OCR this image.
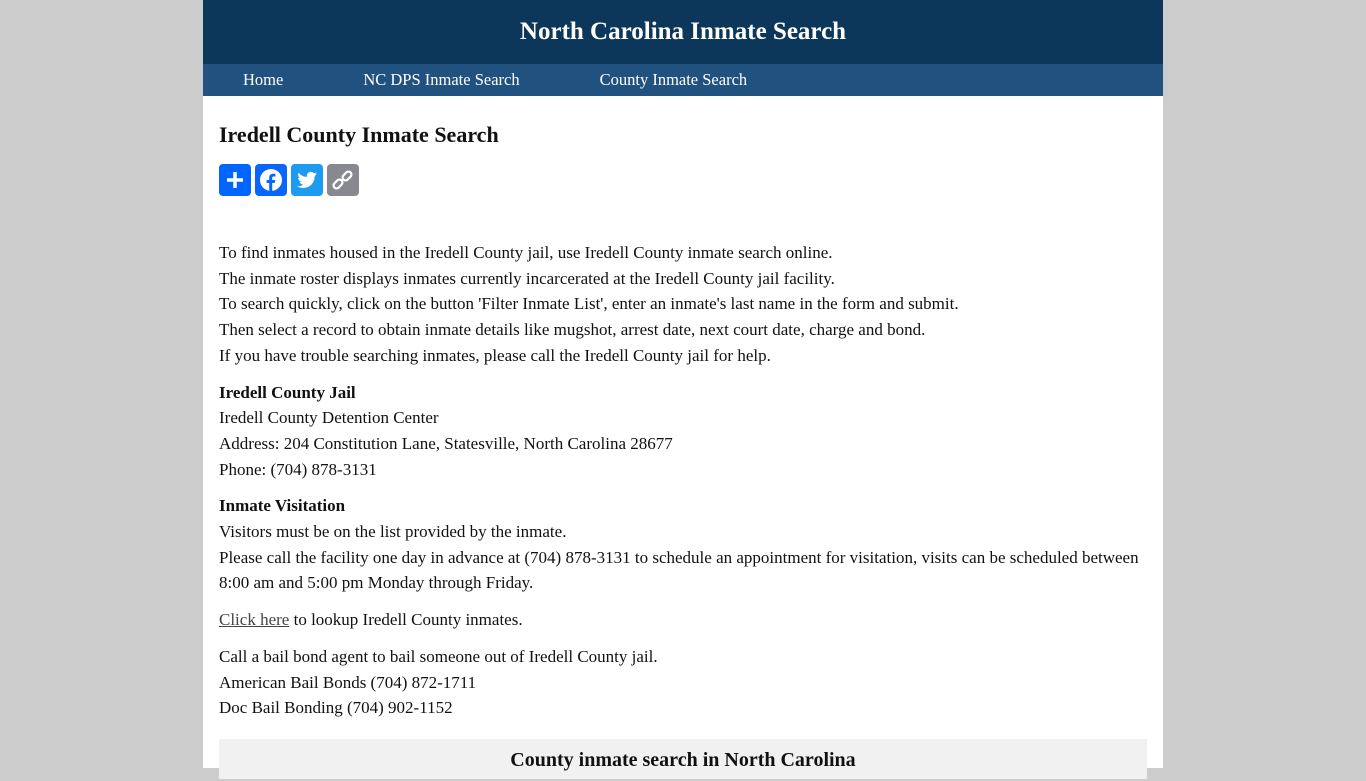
North Carolina Inmate Search
Home	NC DPS Inmate Search	County Inmate Search
Iredell County Inmate Search

To find inmates housed in the Iredell County jail, use Iredell County inmate search online.
The inmate roster displays inmates currently incarcerated at the Iredell County jail facility.
To search quickly, click on the button 'Filter Inmate List', enter an inmate's last name in the form and submit.
Then select a record to obtain inmate details like mugshot, arrest date, next court date, charge and bond.
If you have trouble searching inmates, please call the Iredell County jail for help.

Iredell County Jail
Iredell County Detention Center
Address: 204 Constitution Lane, Statesville, North Carolina 28677
Phone: (704) 878-3131

Inmate Visitation
Visitors must be on the list provided by the inmate.
Please call the facility one day in advance at (704) 878-3131 to schedule an appointment for visitation, visits can be scheduled between 8:00 am and 5:00 pm Monday through Friday.

Click here to lookup Iredell County inmates.

Call a bail bond agent to bail someone out of Iredell County jail.
American Bail Bonds (704) 872-1711
Doc Bail Bonding (704) 902-1152

County inmate search in North Carolina
